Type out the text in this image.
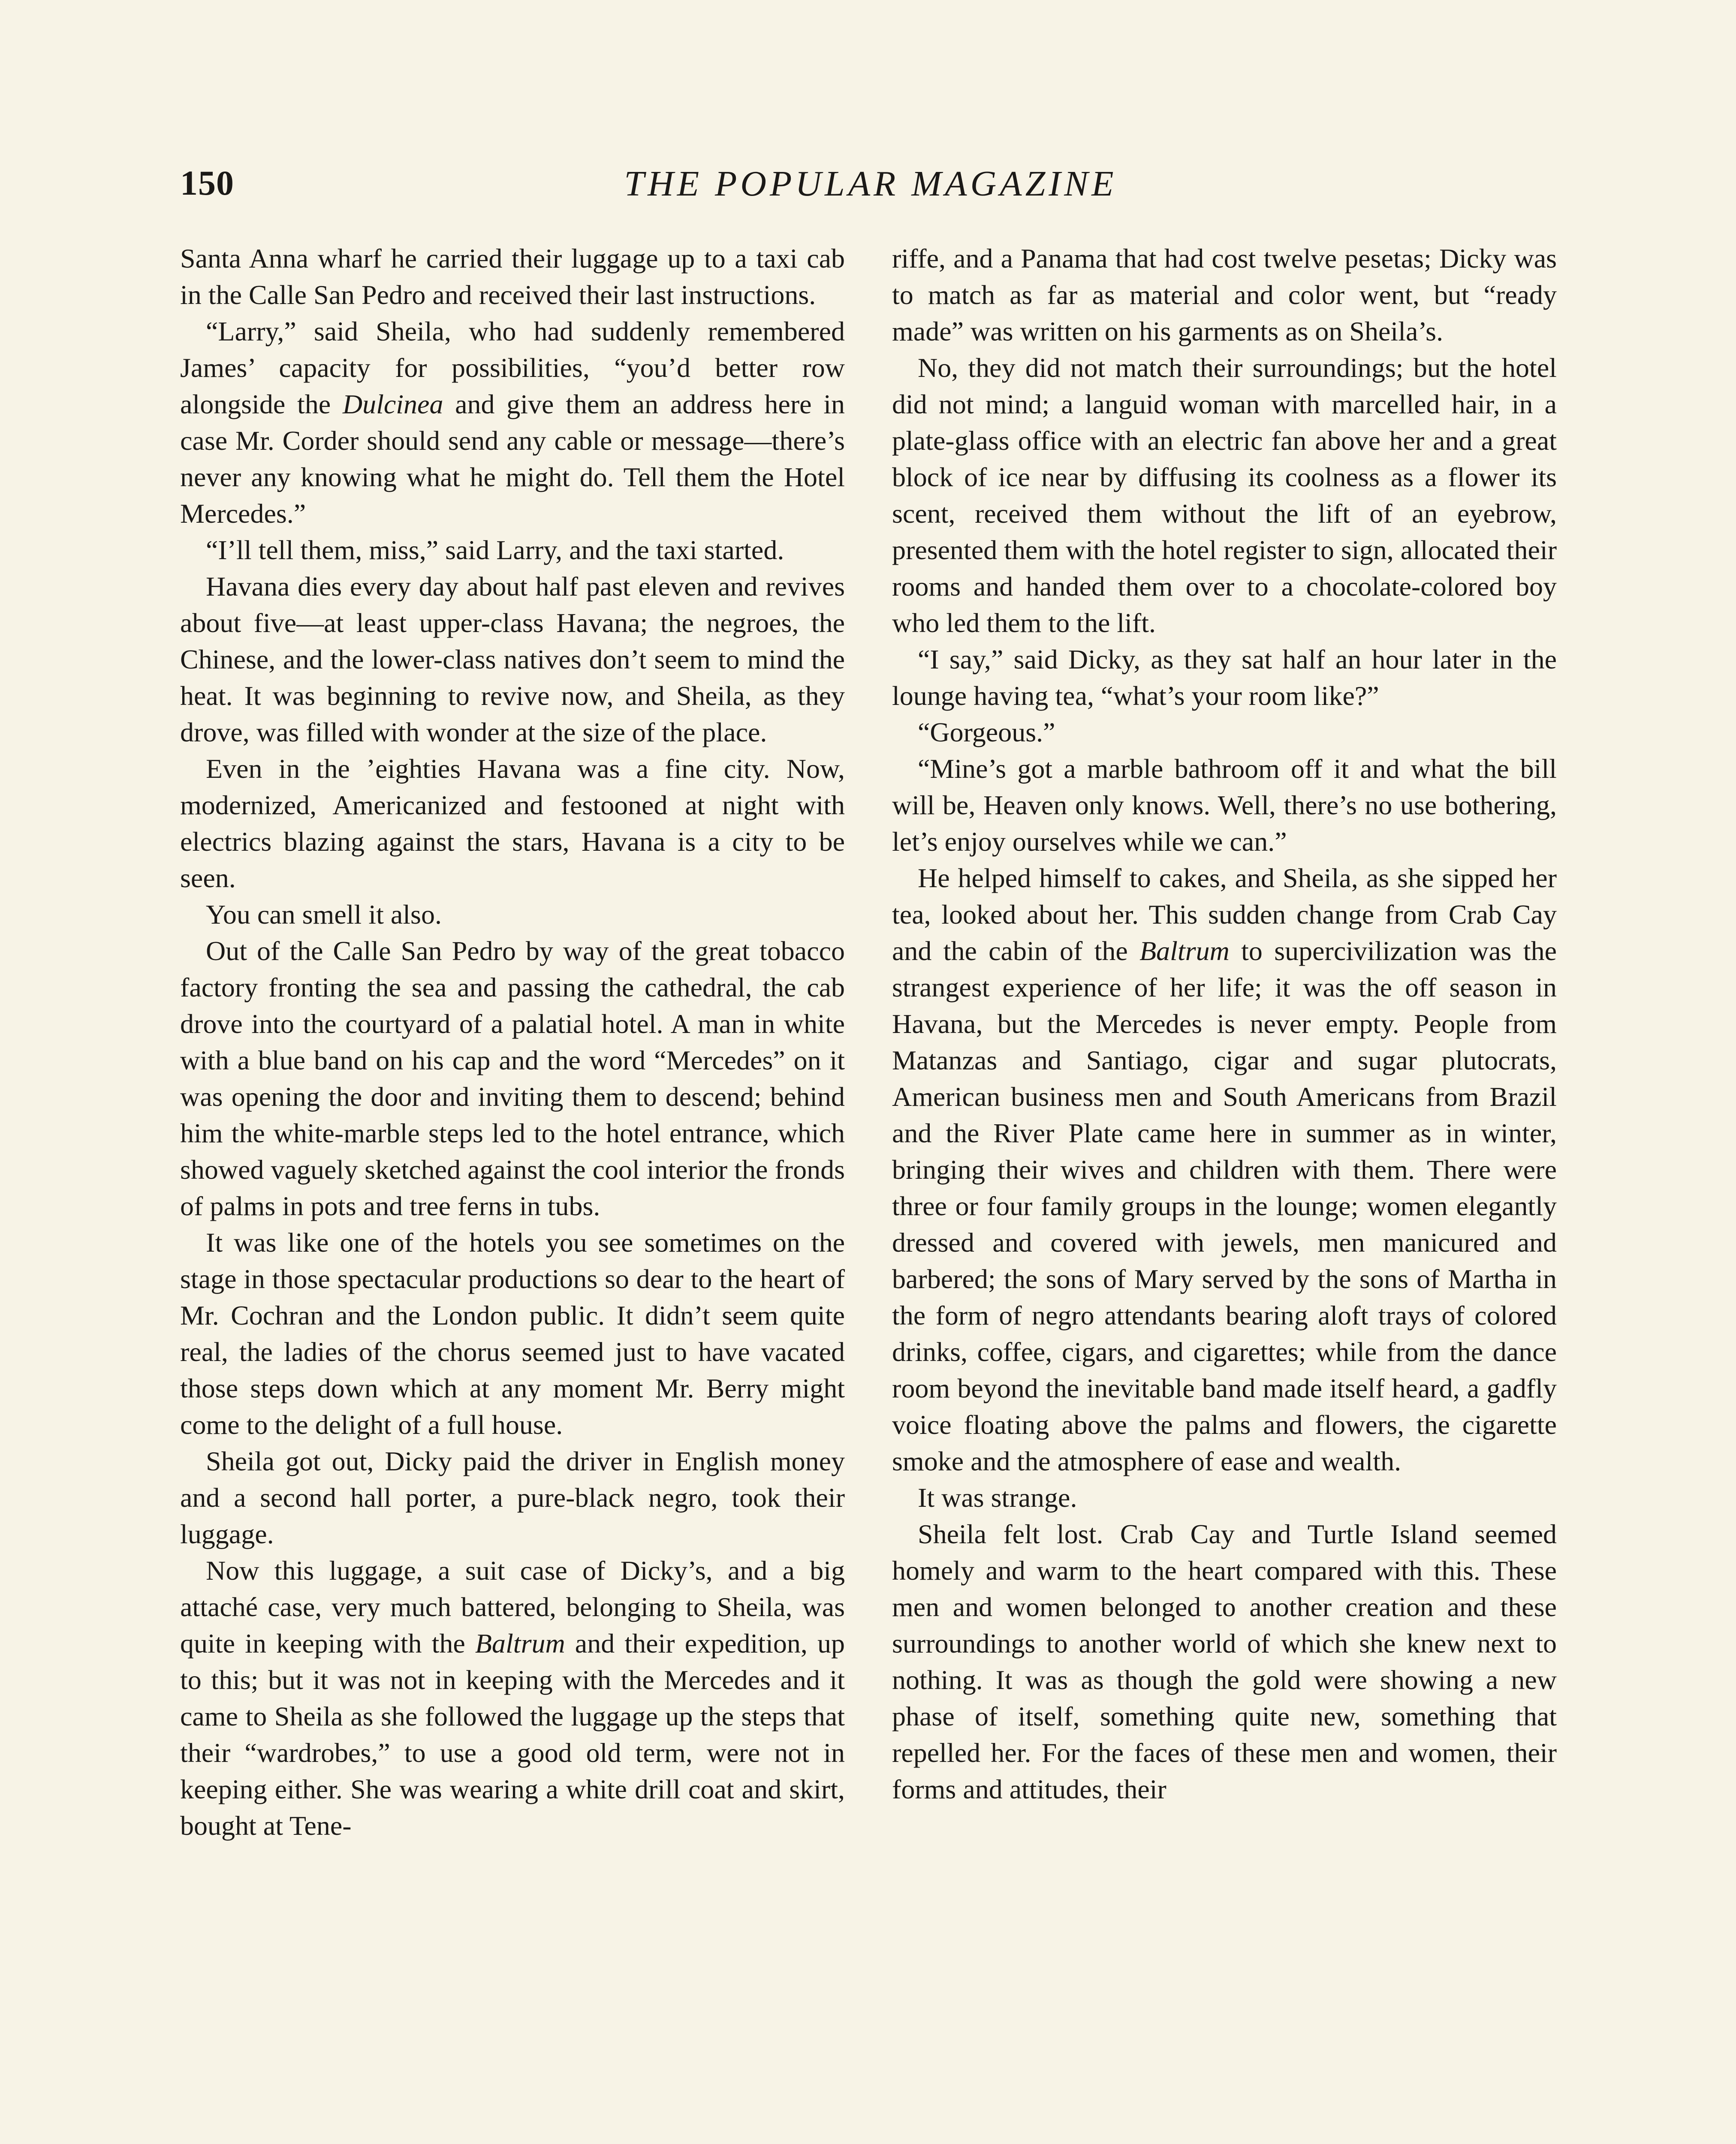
150	THE POPULAR MAGAZINE

Santa Anna wharf he carried their luggage up to a taxi cab in the Calle San Pedro and received their last instructions.

“Larry,” said Sheila, who had suddenly remembered James’ capacity for possibilities, “you’d better row alongside the Dulcinea and give them an address here in case Mr. Corder should send any cable or message—there’s never any knowing what he might do. Tell them the Hotel Mercedes.”

“I’ll tell them, miss,” said Larry, and the taxi started.

Havana dies every day about half past eleven and revives about five—at least upper-class Havana; the negroes, the Chinese, and the lower-class natives don’t seem to mind the heat. It was beginning to revive now, and Sheila, as they drove, was filled with wonder at the size of the place.

Even in the ’eighties Havana was a fine city. Now, modernized, Americanized and festooned at night with electrics blazing against the stars, Havana is a city to be seen.

You can smell it also.

Out of the Calle San Pedro by way of the great tobacco factory fronting the sea and passing the cathedral, the cab drove into the courtyard of a palatial hotel. A man in white with a blue band on his cap and the word “Mercedes” on it was opening the door and inviting them to descend; behind him the white-marble steps led to the hotel entrance, which showed vaguely sketched against the cool interior the fronds of palms in pots and tree ferns in tubs.

It was like one of the hotels you see sometimes on the stage in those spectacular productions so dear to the heart of Mr. Cochran and the London public. It didn’t seem quite real, the ladies of the chorus seemed just to have vacated those steps down which at any moment Mr. Berry might come to the delight of a full house.

Sheila got out, Dicky paid the driver in English money and a second hall porter, a pure-black negro, took their luggage.

Now this luggage, a suit case of Dicky’s, and a big attaché case, very much battered, belonging to Sheila, was quite in keeping with the Baltrum and their expedition, up to this; but it was not in keeping with the Mercedes and it came to Sheila as she followed the luggage up the steps that their “wardrobes,” to use a good old term, were not in keeping either. She was wearing a white drill coat and skirt, bought at Tene-

riffe, and a Panama that had cost twelve pesetas; Dicky was to match as far as material and color went, but “ready made” was written on his garments as on Sheila’s.

No, they did not match their surroundings; but the hotel did not mind; a languid woman with marcelled hair, in a plate-glass office with an electric fan above her and a great block of ice near by diffusing its coolness as a flower its scent, received them without the lift of an eyebrow, presented them with the hotel register to sign, allocated their rooms and handed them over to a chocolate-colored boy who led them to the lift.

“I say,” said Dicky, as they sat half an hour later in the lounge having tea, “what’s your room like?”

“Gorgeous.”

“Mine’s got a marble bathroom off it and what the bill will be, Heaven only knows. Well, there’s no use bothering, let’s enjoy ourselves while we can.”

He helped himself to cakes, and Sheila, as she sipped her tea, looked about her. This sudden change from Crab Cay and the cabin of the Baltrum to supercivilization was the strangest experience of her life; it was the off season in Havana, but the Mercedes is never empty. People from Matanzas and Santiago, cigar and sugar plutocrats, American business men and South Americans from Brazil and the River Plate came here in summer as in winter, bringing their wives and children with them. There were three or four family groups in the lounge; women elegantly dressed and covered with jewels, men manicured and barbered; the sons of Mary served by the sons of Martha in the form of negro attendants bearing aloft trays of colored drinks, coffee, cigars, and cigarettes; while from the dance room beyond the inevitable band made itself heard, a gadfly voice floating above the palms and flowers, the cigarette smoke and the atmosphere of ease and wealth.

It was strange.

Sheila felt lost. Crab Cay and Turtle Island seemed homely and warm to the heart compared with this. These men and women belonged to another creation and these surroundings to another world of which she knew next to nothing. It was as though the gold were showing a new phase of itself, something quite new, something that repelled her. For the faces of these men and women, their forms and attitudes, their
